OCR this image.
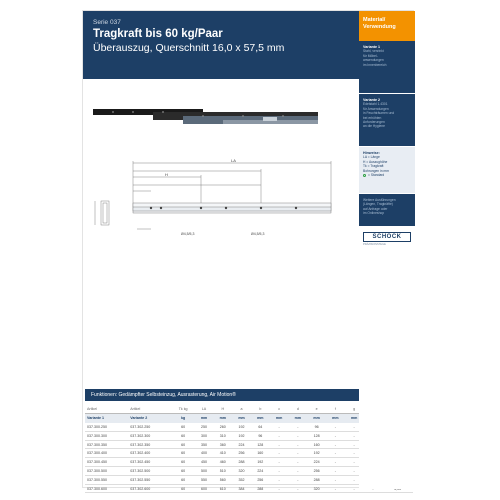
Serie 037
Tragkraft bis 60 kg/Paar
Überauszug, Querschnitt 16,0 x 57,5 mm
LA
H
Ø4,5/5,3	Ø4,5/5,3
Funktionen: Gedämpfter Selbsteinzug, Ausrasterung, Air Motion®
Artikel	Artikel	Tk kg	LA	H	a	b	c	d	e	f	g		
Variante 1	Variante 2	kg	mm	mm	mm	mm	mm	mm	mm	mm	mm		
037.300.250	037.302.250	60	250	260	192	64	-	-	96	-	-		
037.300.300	037.302.300	60	300	310	192	96	-	-	128	-	-		
037.300.350	037.302.350	60	350	360	224	128	-	-	160	-	-		
037.300.400	037.302.400	60	400	410	256	160	-	-	192	-	-		
037.300.450	037.302.450	60	450	460	288	192	-	-	224	-	-		
037.300.500	037.302.500	60	500	510	320	224	-	-	256	-	-		
037.300.550	037.302.550	60	550	560	352	256	-	-	288	-	-		
037.300.600	037.302.600	60	600	610	384	288	-	-	320	-	-		
Material/
Verwendung
Variante 1
Stahl, verzinkt
für Möbel-
anwendungen
im Innenbereich
Variante 2
Edelstahl 1.4301
für Anwendungen
in Feuchträumen und
bei erhöhten
Anforderungen
an die Hygiene
Hinweise:
LA = Länge
H = Auszughöhe
Tk = Tragkraft
Bohrungen in mm
= Standard
Weitere Ausführungen
(Längen, Tragkräfte)
auf Anfrage oder
im Onlineshop
SCHOCK
PRÄZISIONSTEILE
